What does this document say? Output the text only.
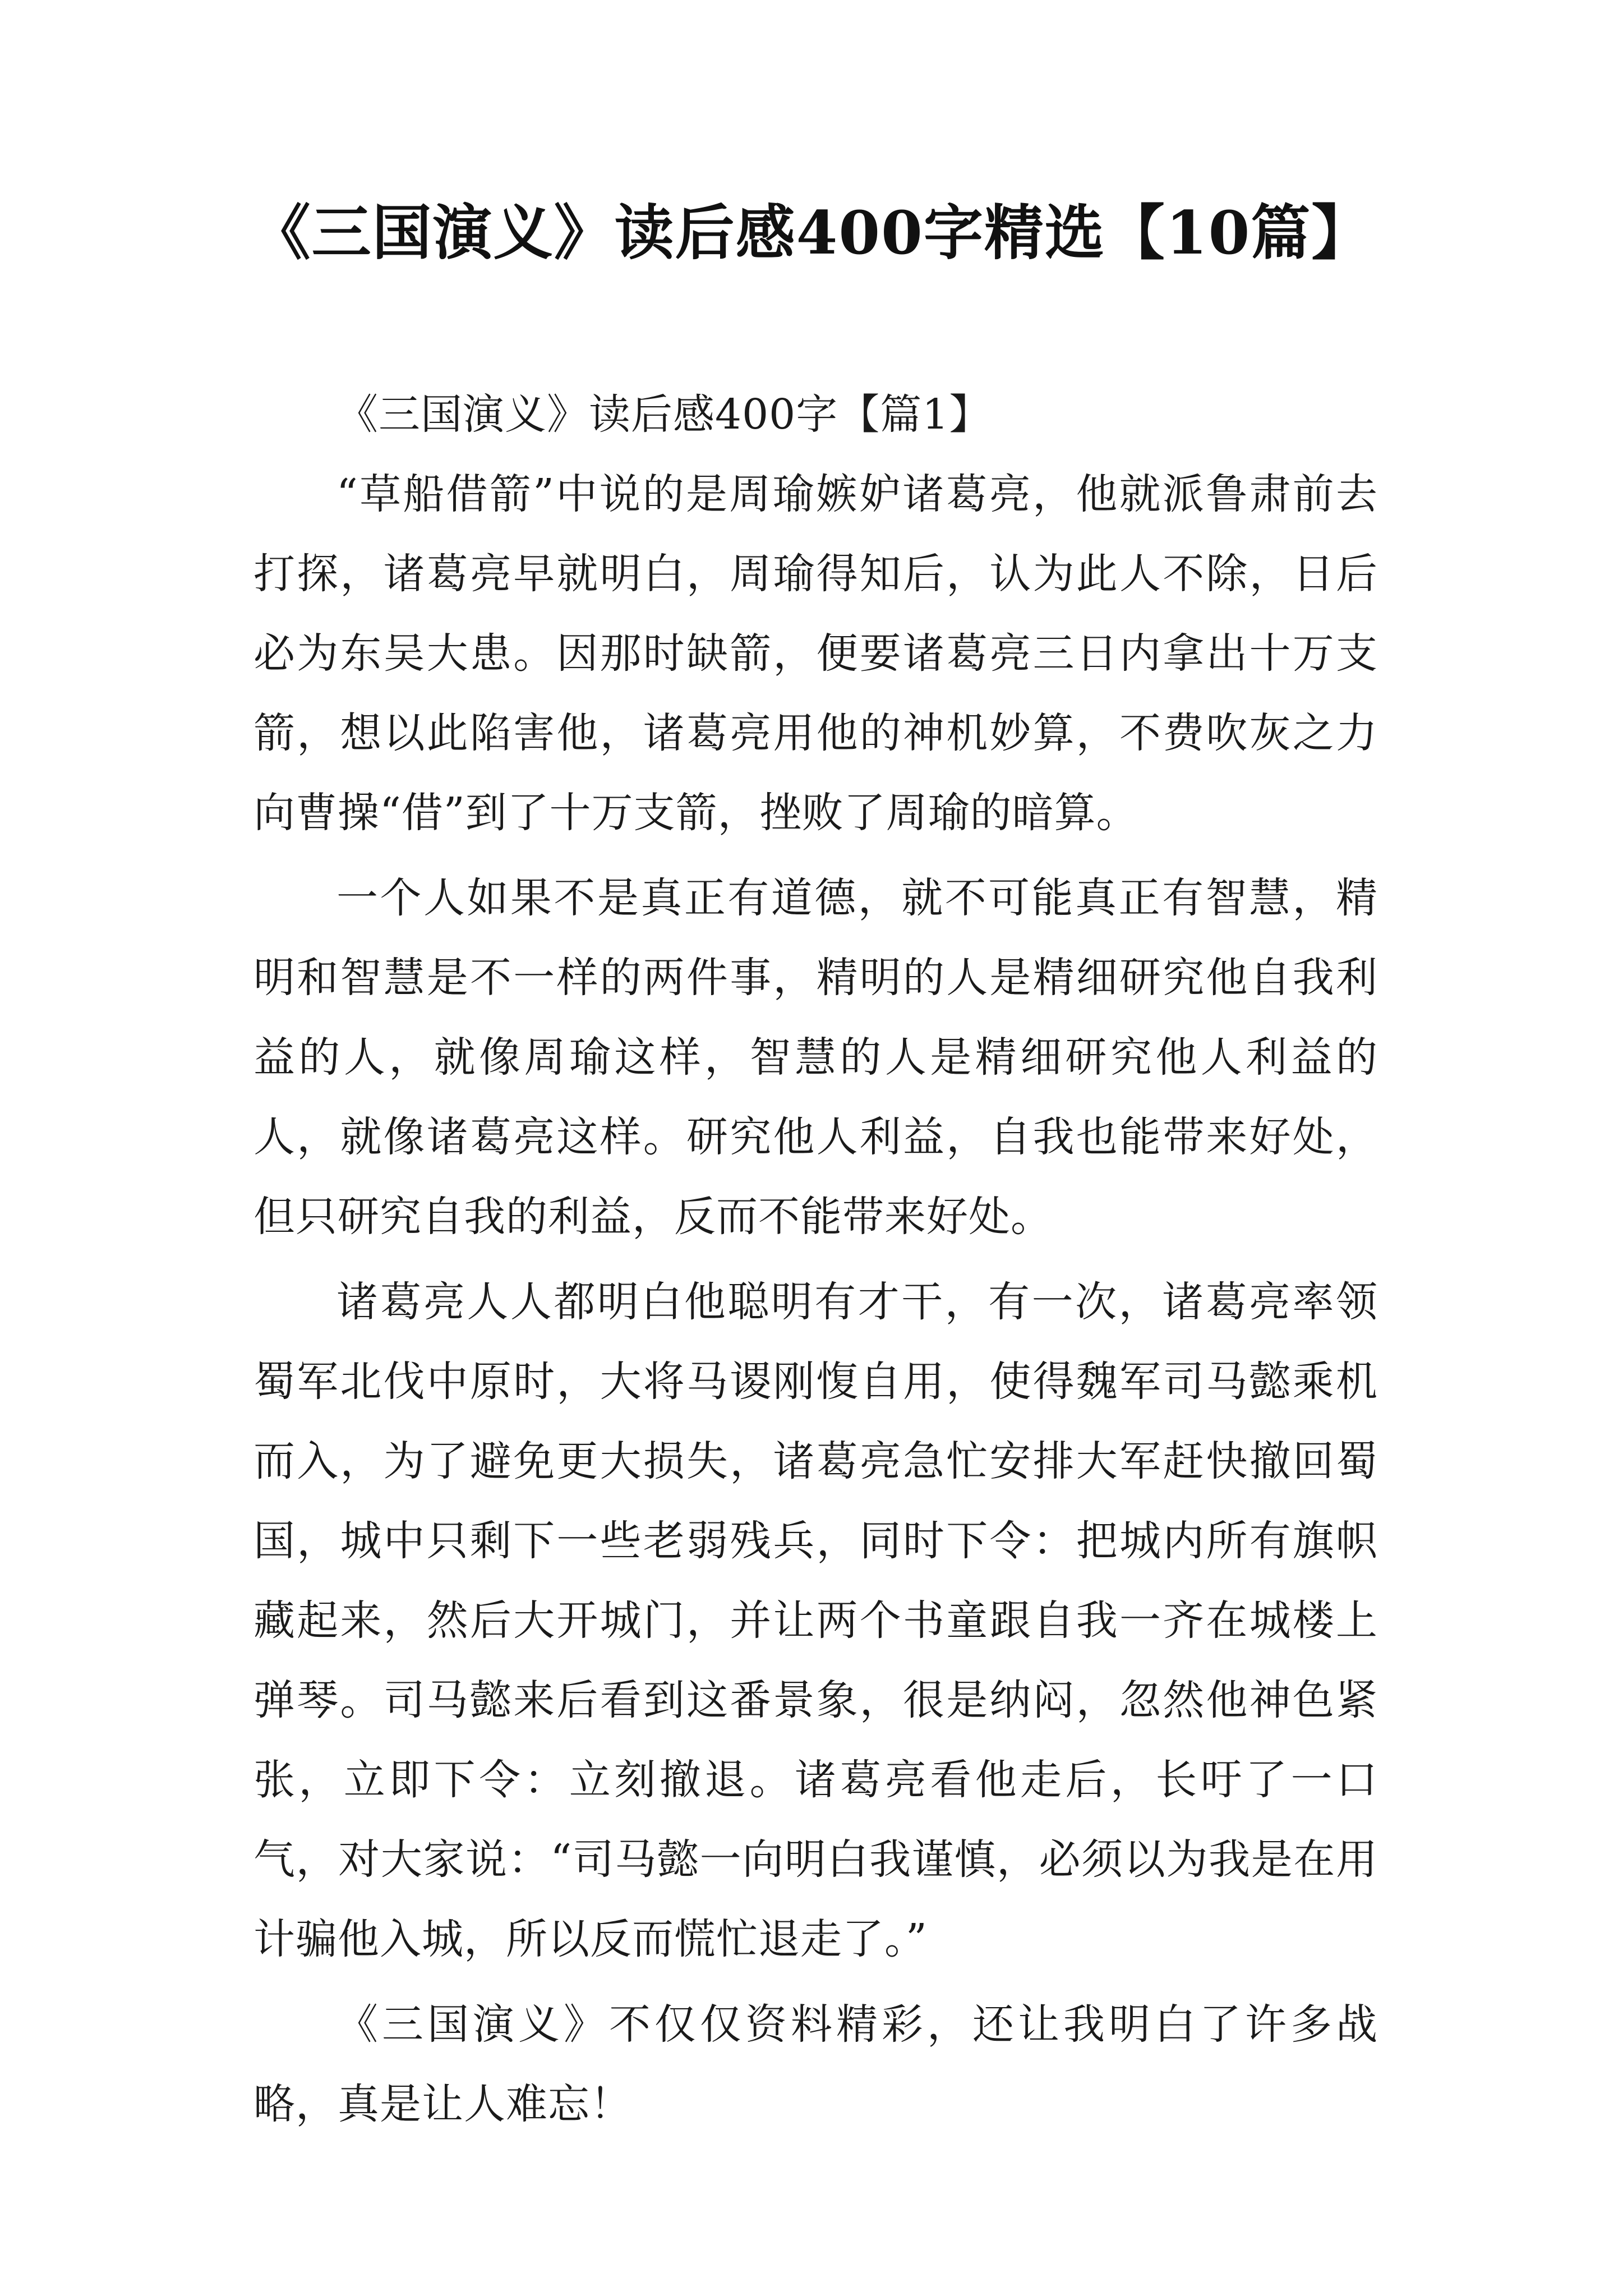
《三国演义》读后感400字精选【10篇】

《三国演义》读后感400字【篇1】

“草船借箭”中说的是周瑜嫉妒诸葛亮，他就派鲁肃前去打探，诸葛亮早就明白，周瑜得知后，认为此人不除，日后必为东吴大患。因那时缺箭，便要诸葛亮三日内拿出十万支箭，想以此陷害他，诸葛亮用他的神机妙算，不费吹灰之力向曹操“借”到了十万支箭，挫败了周瑜的暗算。

一个人如果不是真正有道德，就不可能真正有智慧，精明和智慧是不一样的两件事，精明的人是精细研究他自我利益的人，就像周瑜这样，智慧的人是精细研究他人利益的人，就像诸葛亮这样。研究他人利益，自我也能带来好处，但只研究自我的利益，反而不能带来好处。

诸葛亮人人都明白他聪明有才干，有一次，诸葛亮率领蜀军北伐中原时，大将马谡刚愎自用，使得魏军司马懿乘机而入，为了避免更大损失，诸葛亮急忙安排大军赶快撤回蜀国，城中只剩下一些老弱残兵，同时下令：把城内所有旗帜藏起来，然后大开城门，并让两个书童跟自我一齐在城楼上弹琴。司马懿来后看到这番景象，很是纳闷，忽然他神色紧张，立即下令：立刻撤退。诸葛亮看他走后，长吁了一口气，对大家说：“司马懿一向明白我谨慎，必须以为我是在用计骗他入城，所以反而慌忙退走了。”

《三国演义》不仅仅资料精彩，还让我明白了许多战略，真是让人难忘！
